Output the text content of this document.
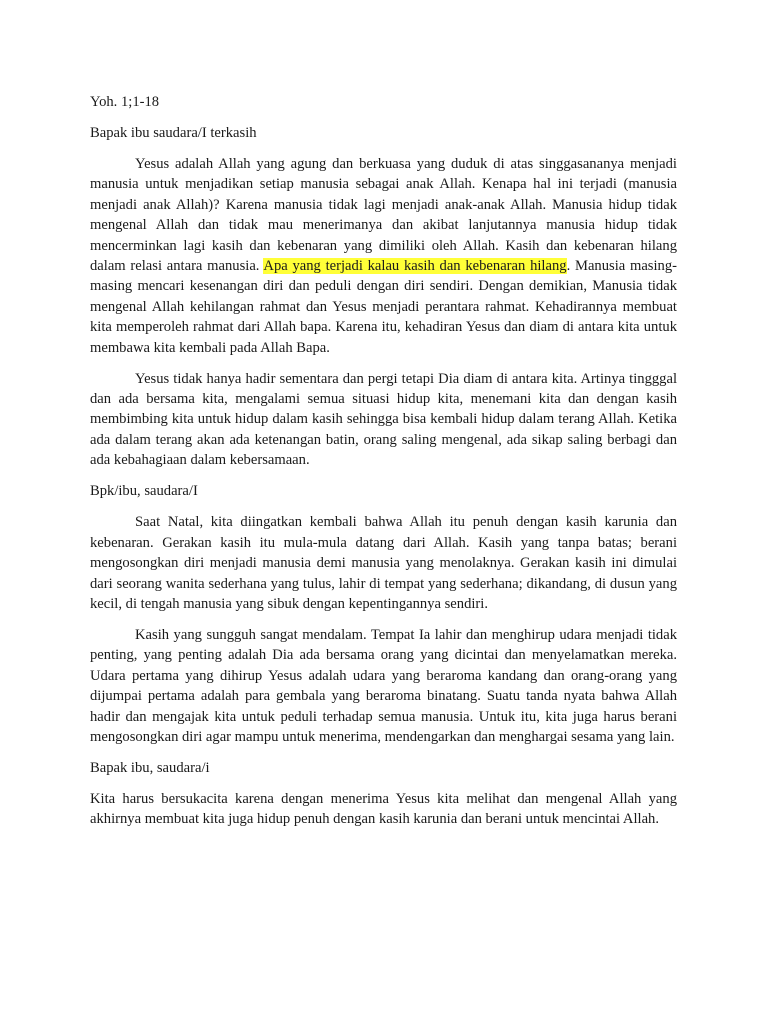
Yoh. 1;1-18

Bapak ibu saudara/I terkasih

Yesus adalah Allah yang agung dan berkuasa yang duduk di atas singgasananya menjadi manusia untuk menjadikan setiap manusia sebagai anak Allah. Kenapa hal ini terjadi (manusia menjadi anak Allah)? Karena manusia tidak lagi menjadi anak-anak Allah. Manusia hidup tidak mengenal Allah dan tidak mau menerimanya dan akibat lanjutannya manusia hidup tidak mencerminkan lagi kasih dan kebenaran yang dimiliki oleh Allah. Kasih dan kebenaran hilang dalam relasi antara manusia. Apa yang terjadi kalau kasih dan kebenaran hilang. Manusia masing-masing mencari kesenangan diri dan peduli dengan diri sendiri. Dengan demikian, Manusia tidak mengenal Allah kehilangan rahmat dan Yesus menjadi perantara rahmat. Kehadirannya membuat kita memperoleh rahmat dari Allah bapa. Karena itu, kehadiran Yesus dan diam di antara kita untuk membawa kita kembali pada Allah Bapa.

Yesus tidak hanya hadir sementara dan pergi tetapi Dia diam di antara kita. Artinya tingggal dan ada bersama kita, mengalami semua situasi hidup kita, menemani kita dan dengan kasih membimbing kita untuk hidup dalam kasih sehingga bisa kembali hidup dalam terang Allah. Ketika ada dalam terang akan ada ketenangan batin, orang saling mengenal, ada sikap saling berbagi dan ada kebahagiaan dalam kebersamaan.

Bpk/ibu, saudara/I

Saat Natal, kita diingatkan kembali bahwa Allah itu penuh dengan kasih karunia dan kebenaran. Gerakan kasih itu mula-mula datang dari Allah. Kasih yang tanpa batas; berani mengosongkan diri menjadi manusia demi manusia yang menolaknya. Gerakan kasih ini dimulai dari seorang wanita sederhana yang tulus, lahir di tempat yang sederhana; dikandang, di dusun yang kecil, di tengah manusia yang sibuk dengan kepentingannya sendiri.

Kasih yang sungguh sangat mendalam. Tempat Ia lahir dan menghirup udara menjadi tidak penting, yang penting adalah Dia ada bersama orang yang dicintai dan menyelamatkan mereka. Udara pertama yang dihirup Yesus adalah udara yang beraroma kandang dan orang-orang yang dijumpai pertama adalah para gembala yang beraroma binatang. Suatu tanda nyata bahwa Allah hadir dan mengajak kita untuk peduli terhadap semua manusia. Untuk itu, kita juga harus berani mengosongkan diri agar mampu untuk menerima, mendengarkan dan menghargai sesama yang lain.

Bapak ibu, saudara/i

Kita harus bersukacita karena dengan menerima Yesus kita melihat dan mengenal Allah yang akhirnya membuat kita juga hidup penuh dengan kasih karunia dan berani untuk mencintai Allah.
